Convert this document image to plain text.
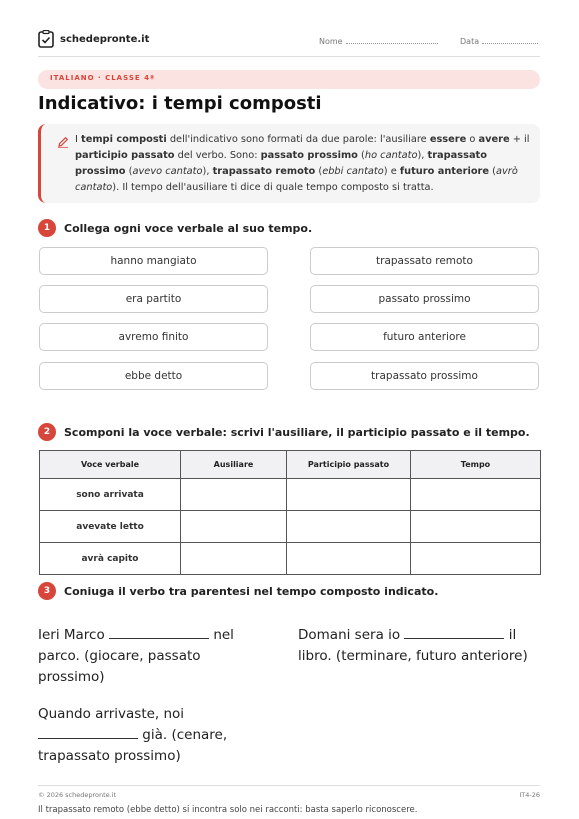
schedepronte.it	Nome	Data
ITALIANO · CLASSE 4ª
Indicativo: i tempi composti
I tempi composti dell'indicativo sono formati da due parole: l'ausiliare essere o avere + il participio passato del verbo. Sono: passato prossimo (ho cantato), trapassato prossimo (avevo cantato), trapassato remoto (ebbi cantato) e futuro anteriore (avrò cantato). Il tempo dell'ausiliare ti dice di quale tempo composto si tratta.
1	Collega ogni voce verbale al suo tempo.
hanno mangiato
era partito
avremo finito
ebbe detto
trapassato remoto
passato prossimo
futuro anteriore
trapassato prossimo
2	Scomponi la voce verbale: scrivi l'ausiliare, il participio passato e il tempo.
Voce verbale	Ausiliare	Participio passato	Tempo
sono arrivata			
avevate letto			
avrà capito			
3	Coniuga il verbo tra parentesi nel tempo composto indicato.
Ieri Marco	nel parco. (giocare, passato prossimo)
Domani sera io	il libro. (terminare, futuro anteriore)
Quando arrivaste, noi  già. (cenare, trapassato prossimo)
© 2026 schedepronte.it	IT4-26
Il trapassato remoto (ebbe detto) si incontra solo nei racconti: basta saperlo riconoscere.
